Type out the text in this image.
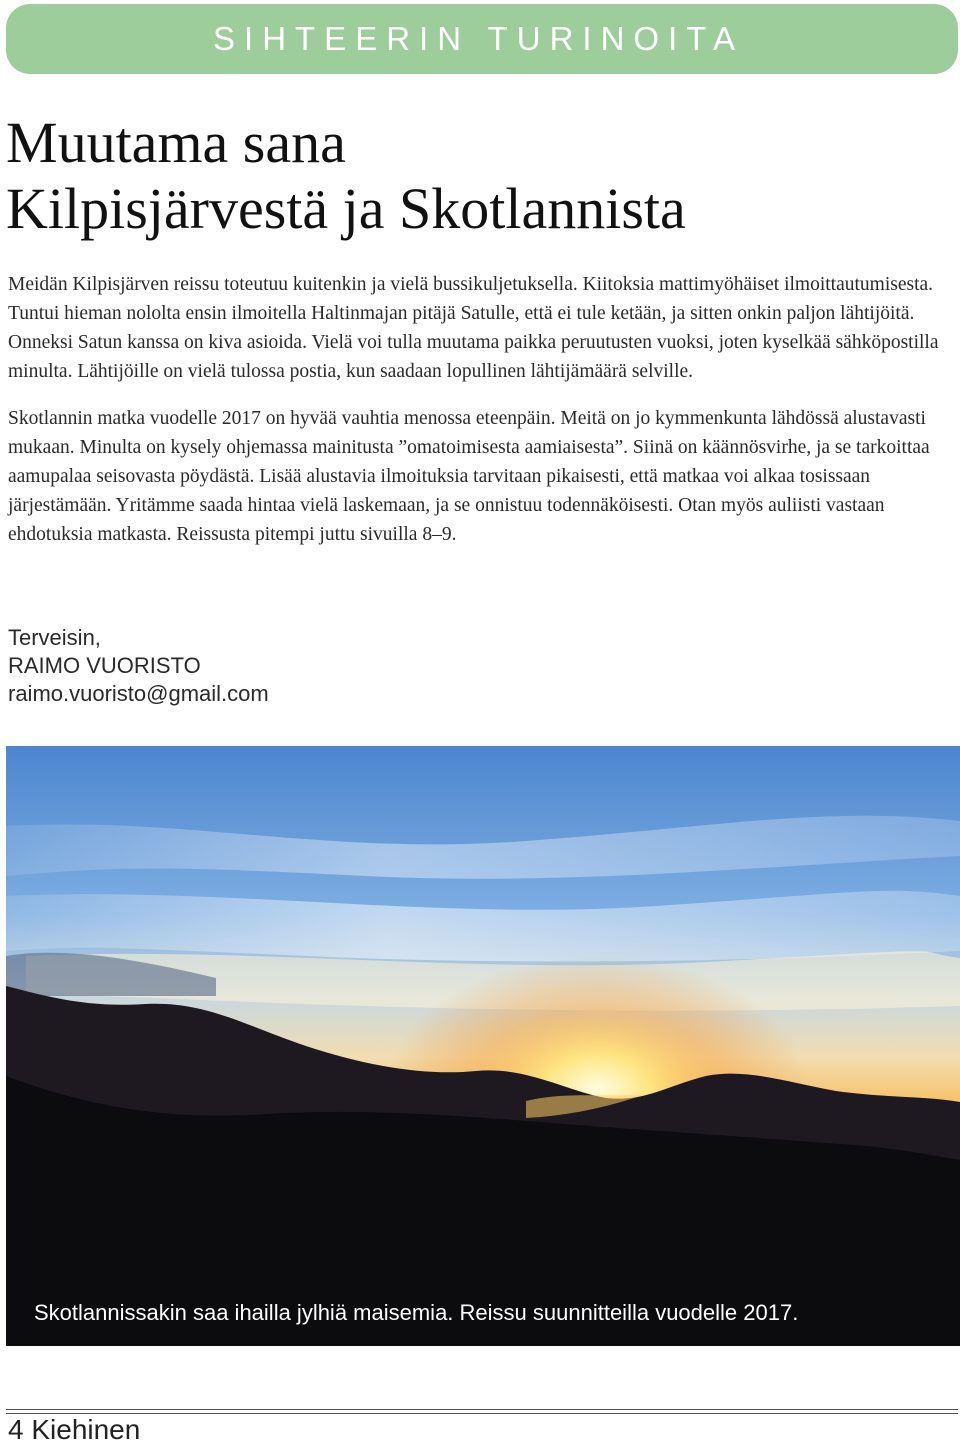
SIHTEERIN TURINOITA
Muutama sana
Kilpisjärvestä ja Skotlannista

Meidän Kilpisjärven reissu toteutuu kuitenkin ja vielä bussikuljetuksella. Kiitoksia mattimyöhäiset ilmoittautumisesta. Tuntui hieman nololta ensin ilmoitella Haltinmajan pitäjä Satulle, että ei tule ketään, ja sitten onkin paljon lähtijöitä. Onneksi Satun kanssa on kiva asioida. Vielä voi tulla muutama paikka peruutusten vuoksi, joten kyselkää sähköpostilla minulta. Lähtijöille on vielä tulossa postia, kun saadaan lopullinen lähtijämäärä selville.

Skotlannin matka vuodelle 2017 on hyvää vauhtia menossa eteenpäin. Meitä on jo kymmenkunta lähdössä alustavasti mukaan. Minulta on kysely ohjemassa mainitusta ”omatoimisesta aamiaisesta”. Siinä on käännösvirhe, ja se tarkoittaa aamupalaa seisovasta pöydästä. Lisää alustavia ilmoituksia tarvitaan pikaisesti, että matkaa voi alkaa tosissaan järjestämään. Yritämme saada hintaa vielä laskemaan, ja se onnistuu todennäköisesti. Otan myös auliisti vastaan ehdotuksia matkasta. Reissusta pitempi juttu sivuilla 8–9.

Terveisin,
RAIMO VUORISTO
raimo.vuoristo@gmail.com
Skotlannissakin saa ihailla jylhiä maisemia. Reissu suunnitteilla vuodelle 2017.
4 Kiehinen
